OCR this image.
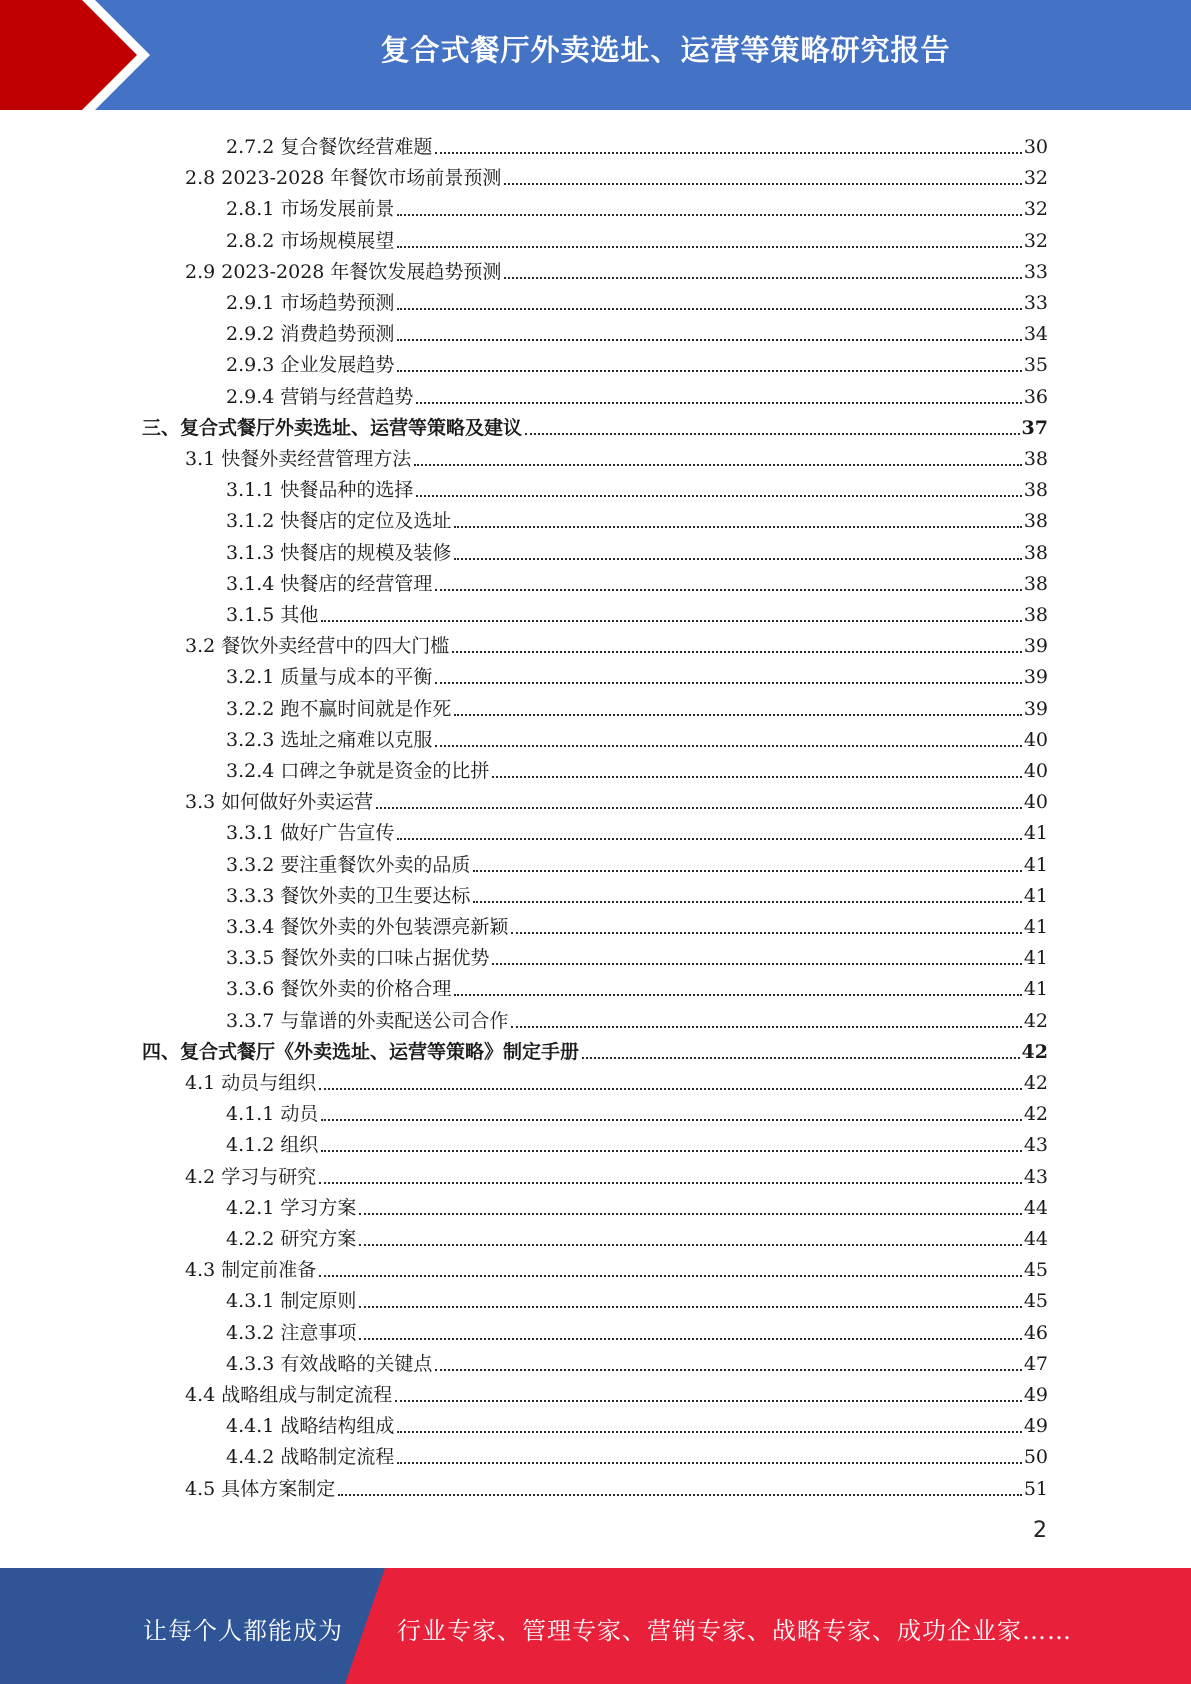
复合式餐厅外卖选址、运营等策略研究报告
2.7.2 复合餐饮经营难题	30
2.8 2023-2028 年餐饮市场前景预测	32
2.8.1 市场发展前景	32
2.8.2 市场规模展望	32
2.9 2023-2028 年餐饮发展趋势预测	33
2.9.1 市场趋势预测	33
2.9.2 消费趋势预测	34
2.9.3 企业发展趋势	35
2.9.4 营销与经营趋势	36
三、复合式餐厅外卖选址、运营等策略及建议	37
3.1 快餐外卖经营管理方法	38
3.1.1 快餐品种的选择	38
3.1.2 快餐店的定位及选址	38
3.1.3 快餐店的规模及装修	38
3.1.4 快餐店的经营管理	38
3.1.5 其他	38
3.2 餐饮外卖经营中的四大门槛	39
3.2.1 质量与成本的平衡	39
3.2.2 跑不赢时间就是作死	39
3.2.3 选址之痛难以克服	40
3.2.4 口碑之争就是资金的比拼	40
3.3 如何做好外卖运营	40
3.3.1 做好广告宣传	41
3.3.2 要注重餐饮外卖的品质	41
3.3.3 餐饮外卖的卫生要达标	41
3.3.4 餐饮外卖的外包装漂亮新颖	41
3.3.5 餐饮外卖的口味占据优势	41
3.3.6 餐饮外卖的价格合理	41
3.3.7 与靠谱的外卖配送公司合作	42
四、复合式餐厅《外卖选址、运营等策略》制定手册	42
4.1 动员与组织	42
4.1.1 动员	42
4.1.2 组织	43
4.2 学习与研究	43
4.2.1 学习方案	44
4.2.2 研究方案	44
4.3 制定前准备	45
4.3.1 制定原则	45
4.3.2 注意事项	46
4.3.3 有效战略的关键点	47
4.4 战略组成与制定流程	49
4.4.1 战略结构组成	49
4.4.2 战略制定流程	50
4.5 具体方案制定	51
2
让每个人都能成为 行业专家、管理专家、营销专家、战略专家、成功企业家……
